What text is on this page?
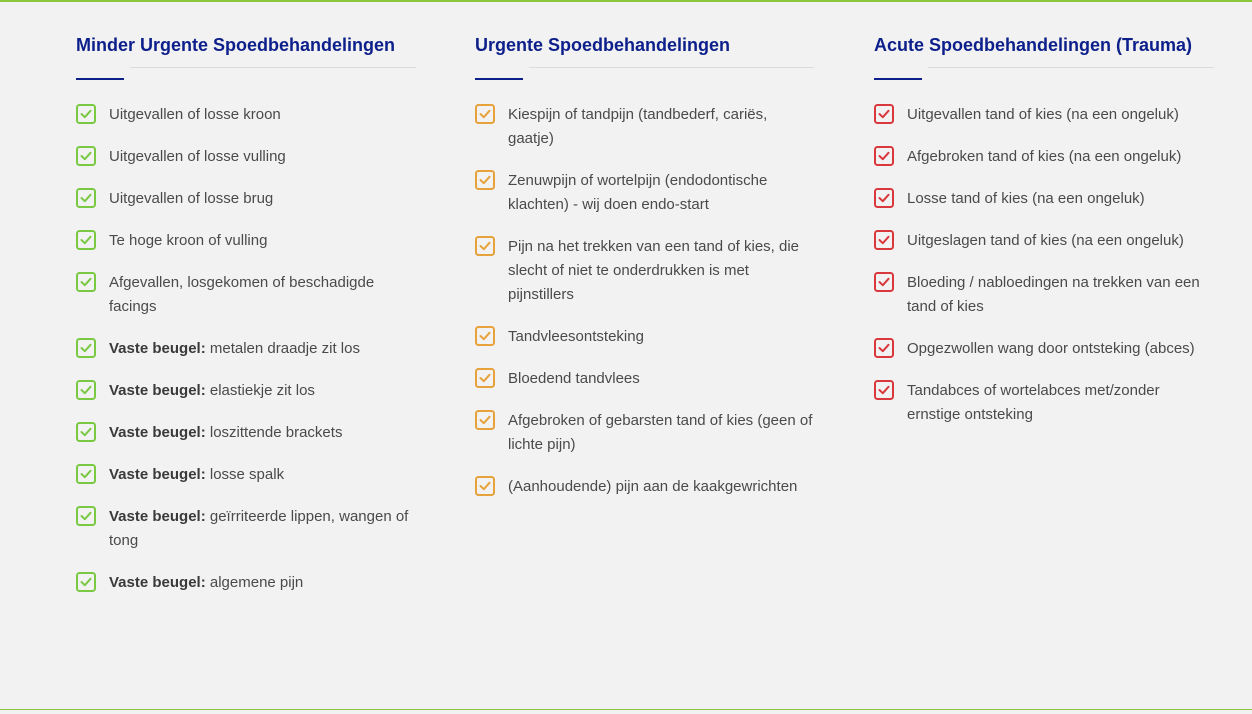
Minder Urgente Spoedbehandelingen
Uitgevallen of losse kroon
Uitgevallen of losse vulling
Uitgevallen of losse brug
Te hoge kroon of vulling
Afgevallen, losgekomen of beschadigde facings
Vaste beugel: metalen draadje zit los
Vaste beugel: elastiekje zit los
Vaste beugel: loszittende brackets
Vaste beugel: losse spalk
Vaste beugel: geïrriteerde lippen, wangen of tong
Vaste beugel: algemene pijn
Urgente Spoedbehandelingen
Kiespijn of tandpijn (tandbederf, cariës, gaatje)
Zenuwpijn of wortelpijn (endodontische klachten) - wij doen endo-start
Pijn na het trekken van een tand of kies, die slecht of niet te onderdrukken is met pijnstillers
Tandvleesontsteking
Bloedend tandvlees
Afgebroken of gebarsten tand of kies (geen of lichte pijn)
(Aanhoudende) pijn aan de kaakgewrichten
Acute Spoedbehandelingen (Trauma)
Uitgevallen tand of kies (na een ongeluk)
Afgebroken tand of kies (na een ongeluk)
Losse tand of kies (na een ongeluk)
Uitgeslagen tand of kies (na een ongeluk)
Bloeding / nabloedingen na trekken van een tand of kies
Opgezwollen wang door ontsteking (abces)
Tandabces of wortelabces met/zonder ernstige ontsteking
